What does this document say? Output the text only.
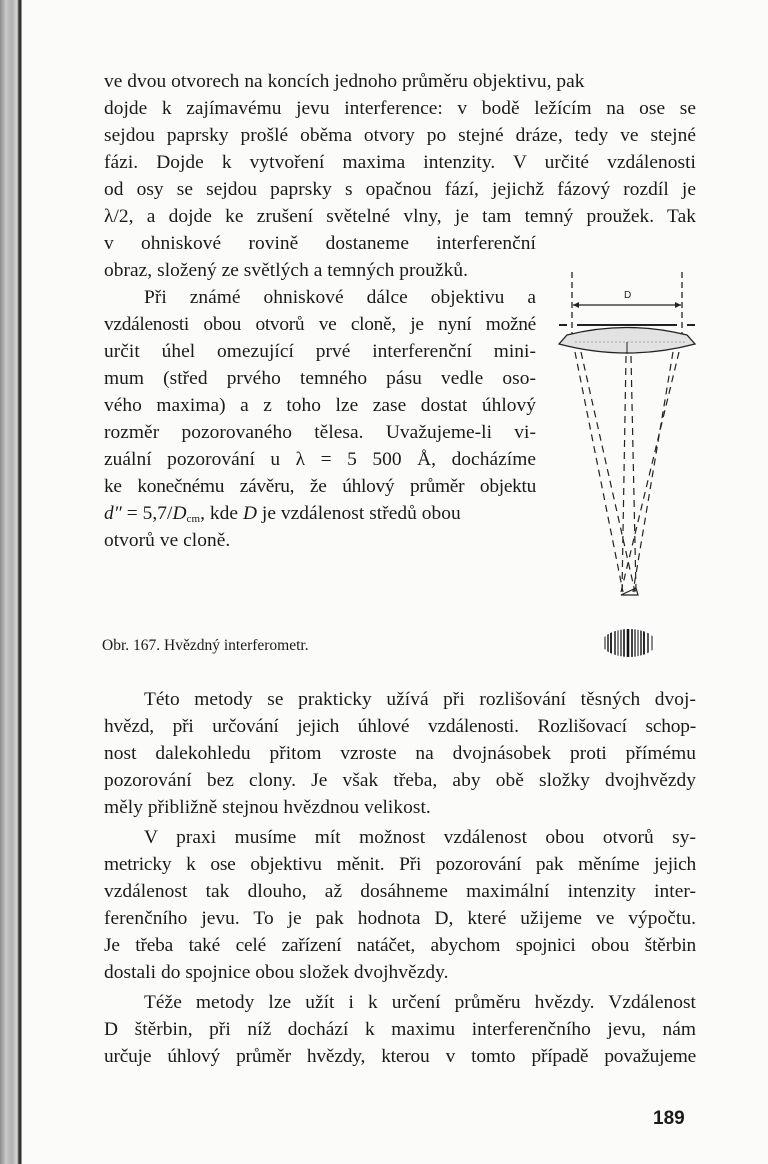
ve dvou otvorech na koncích jednoho průměru objektivu, pak
dojde k zajímavému jevu interference: v bodě ležícím na ose se
sejdou paprsky prošlé oběma otvory po stejné dráze, tedy ve stejné
fázi. Dojde k vytvoření maxima intenzity. V určité vzdálenosti
od osy se sejdou paprsky s opačnou fází, jejichž fázový rozdíl je
λ/2, a dojde ke zrušení světelné vlny, je tam temný proužek. Tak
v ohniskové rovině dostaneme interferenční
obraz, složený ze světlých a temných proužků.
Při známé ohniskové dálce objektivu a
vzdálenosti obou otvorů ve cloně, je nyní možné
určit úhel omezující prvé interferenční mini-
mum (střed prvého temného pásu vedle oso-
vého maxima) a z toho lze zase dostat úhlový
rozměr pozorovaného tělesa. Uvažujeme-li vi-
zuální pozorování u λ = 5 500 Å, docházíme
ke konečnému závěru, že úhlový průměr objektu
$d'' = 5,7/D_{cm}$, kde D je vzdálenost středů obou
otvorů ve cloně.
D
Obr. 167. Hvězdný interferometr.
Této metody se prakticky užívá při rozlišování těsných dvoj-
hvězd, při určování jejich úhlové vzdálenosti. Rozlišovací schop-
nost dalekohledu přitom vzroste na dvojnásobek proti přímému
pozorování bez clony. Je však třeba, aby obě složky dvojhvězdy
měly přibližně stejnou hvězdnou velikost.
V praxi musíme mít možnost vzdálenost obou otvorů sy-
metricky k ose objektivu měnit. Při pozorování pak měníme jejich
vzdálenost tak dlouho, až dosáhneme maximální intenzity inter-
ferenčního jevu. To je pak hodnota D, které užijeme ve výpočtu.
Je třeba také celé zařízení natáčet, abychom spojnici obou štěrbin
dostali do spojnice obou složek dvojhvězdy.
Téže metody lze užít i k určení průměru hvězdy. Vzdálenost
D štěrbin, při níž dochází k maximu interferenčního jevu, nám
určuje úhlový průměr hvězdy, kterou v tomto případě považujeme
189
